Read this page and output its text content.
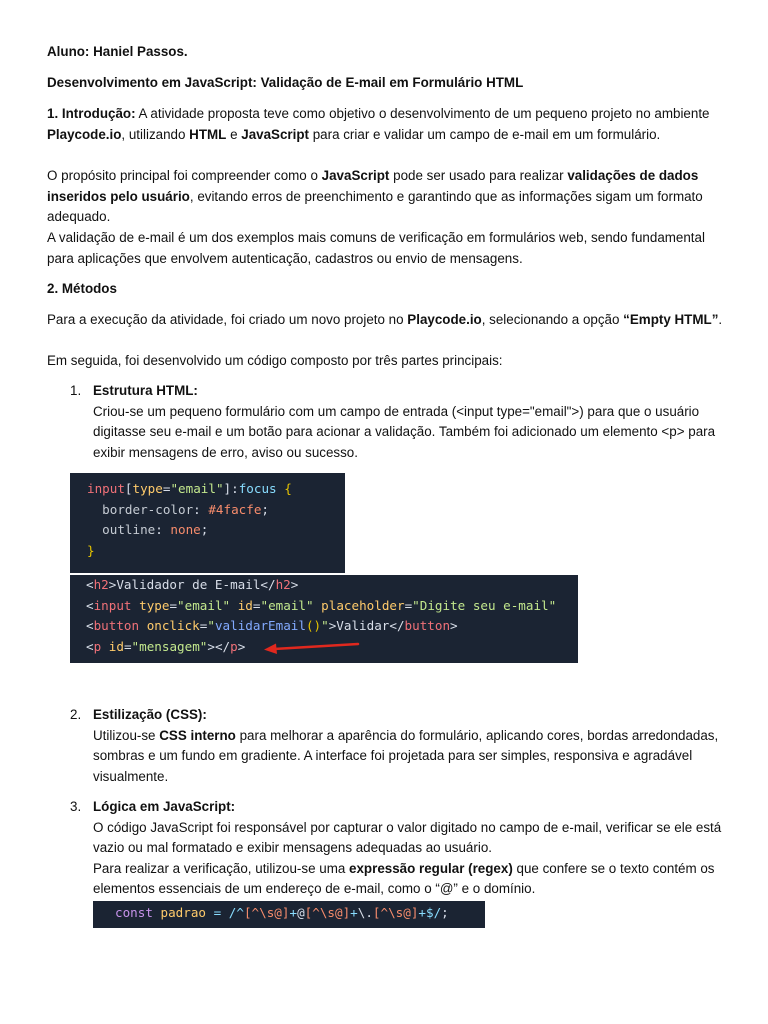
Aluno: Haniel Passos.

Desenvolvimento em JavaScript: Validação de E-mail em Formulário HTML

1. Introdução: A atividade proposta teve como objetivo o desenvolvimento de um pequeno projeto no ambiente Playcode.io, utilizando HTML e JavaScript para criar e validar um campo de e-mail em um formulário.

O propósito principal foi compreender como o JavaScript pode ser usado para realizar validações de dados inseridos pelo usuário, evitando erros de preenchimento e garantindo que as informações sigam um formato adequado.

A validação de e-mail é um dos exemplos mais comuns de verificação em formulários web, sendo fundamental para aplicações que envolvem autenticação, cadastros ou envio de mensagens.

2. Métodos

Para a execução da atividade, foi criado um novo projeto no Playcode.io, selecionando a opção “Empty HTML”.

Em seguida, foi desenvolvido um código composto por três partes principais:

1. Estrutura HTML:
Criou-se um pequeno formulário com um campo de entrada (<input type="email">) para que o usuário digitasse seu e-mail e um botão para acionar a validação. Também foi adicionado um elemento <p> para exibir mensagens de erro, aviso ou sucesso.
input[type="email"]:focus {
border-color: #4facfe;
outline: none;
}
<h2>Validador de E-mail</h2>
<input type="email" id="email" placeholder="Digite seu e-mail"
<button onclick="validarEmail()">Validar</button>
<p id="mensagem"></p>
2. Estilização (CSS):
Utilizou-se CSS interno para melhorar a aparência do formulário, aplicando cores, bordas arredondadas, sombras e um fundo em gradiente. A interface foi projetada para ser simples, responsiva e agradável visualmente.
3. Lógica em JavaScript:
O código JavaScript foi responsável por capturar o valor digitado no campo de e-mail, verificar se ele está vazio ou mal formatado e exibir mensagens adequadas ao usuário.
Para realizar a verificação, utilizou-se uma expressão regular (regex) que confere se o texto contém os elementos essenciais de um endereço de e-mail, como o “@” e o domínio.
const padrao = /^[^\s@]+@[^\s@]+\.[^\s@]+$/;
